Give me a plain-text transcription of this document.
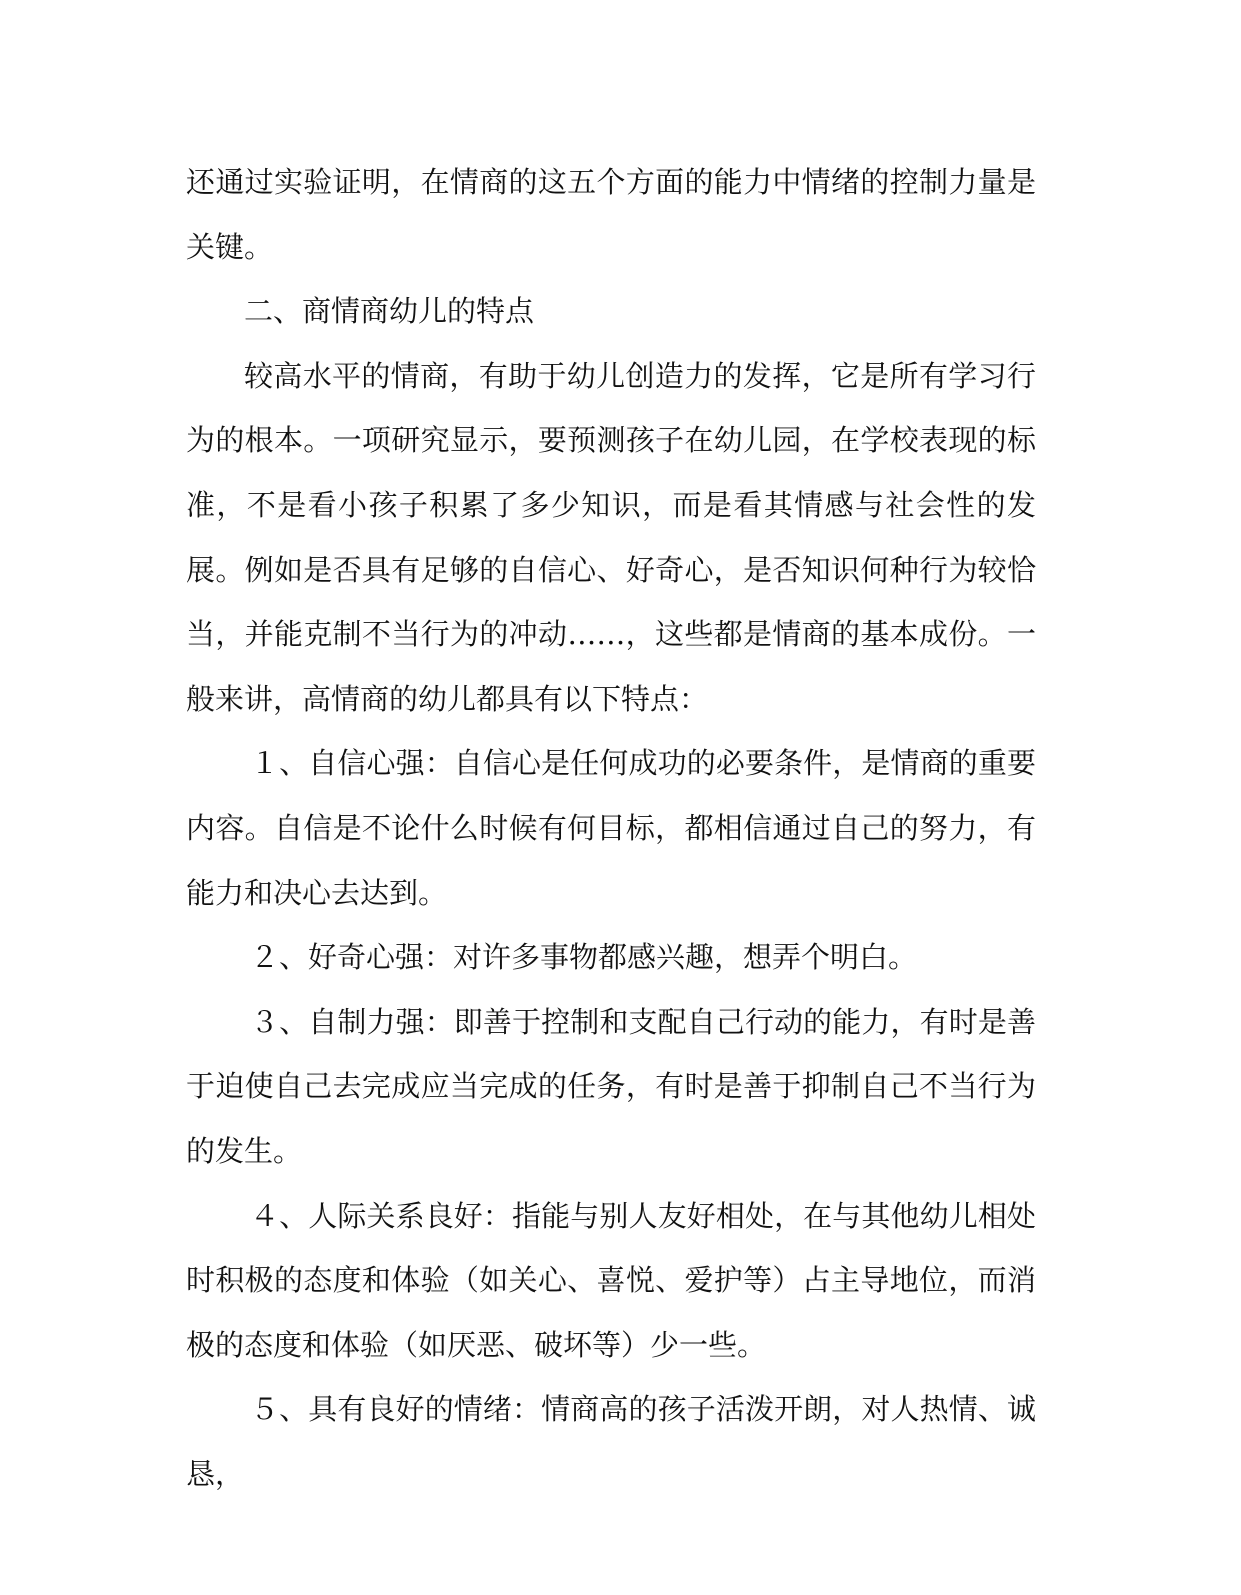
还通过实验证明，在情商的这五个方面的能力中情绪的控制力量是关键。

二、商情商幼儿的特点

较高水平的情商，有助于幼儿创造力的发挥，它是所有学习行为的根本。一项研究显示，要预测孩子在幼儿园，在学校表现的标准，不是看小孩子积累了多少知识，而是看其情感与社会性的发展。例如是否具有足够的自信心、好奇心，是否知识何种行为较恰当，并能克制不当行为的冲动……，这些都是情商的基本成份。一般来讲，高情商的幼儿都具有以下特点：

１、自信心强：自信心是任何成功的必要条件，是情商的重要内容。自信是不论什么时候有何目标，都相信通过自己的努力，有能力和决心去达到。

２、好奇心强：对许多事物都感兴趣，想弄个明白。

３、自制力强：即善于控制和支配自己行动的能力，有时是善于迫使自己去完成应当完成的任务，有时是善于抑制自己不当行为的发生。

４、人际关系良好：指能与别人友好相处，在与其他幼儿相处时积极的态度和体验（如关心、喜悦、爱护等）占主导地位，而消极的态度和体验（如厌恶、破坏等）少一些。

５、具有良好的情绪：情商高的孩子活泼开朗，对人热情、诚恳，
